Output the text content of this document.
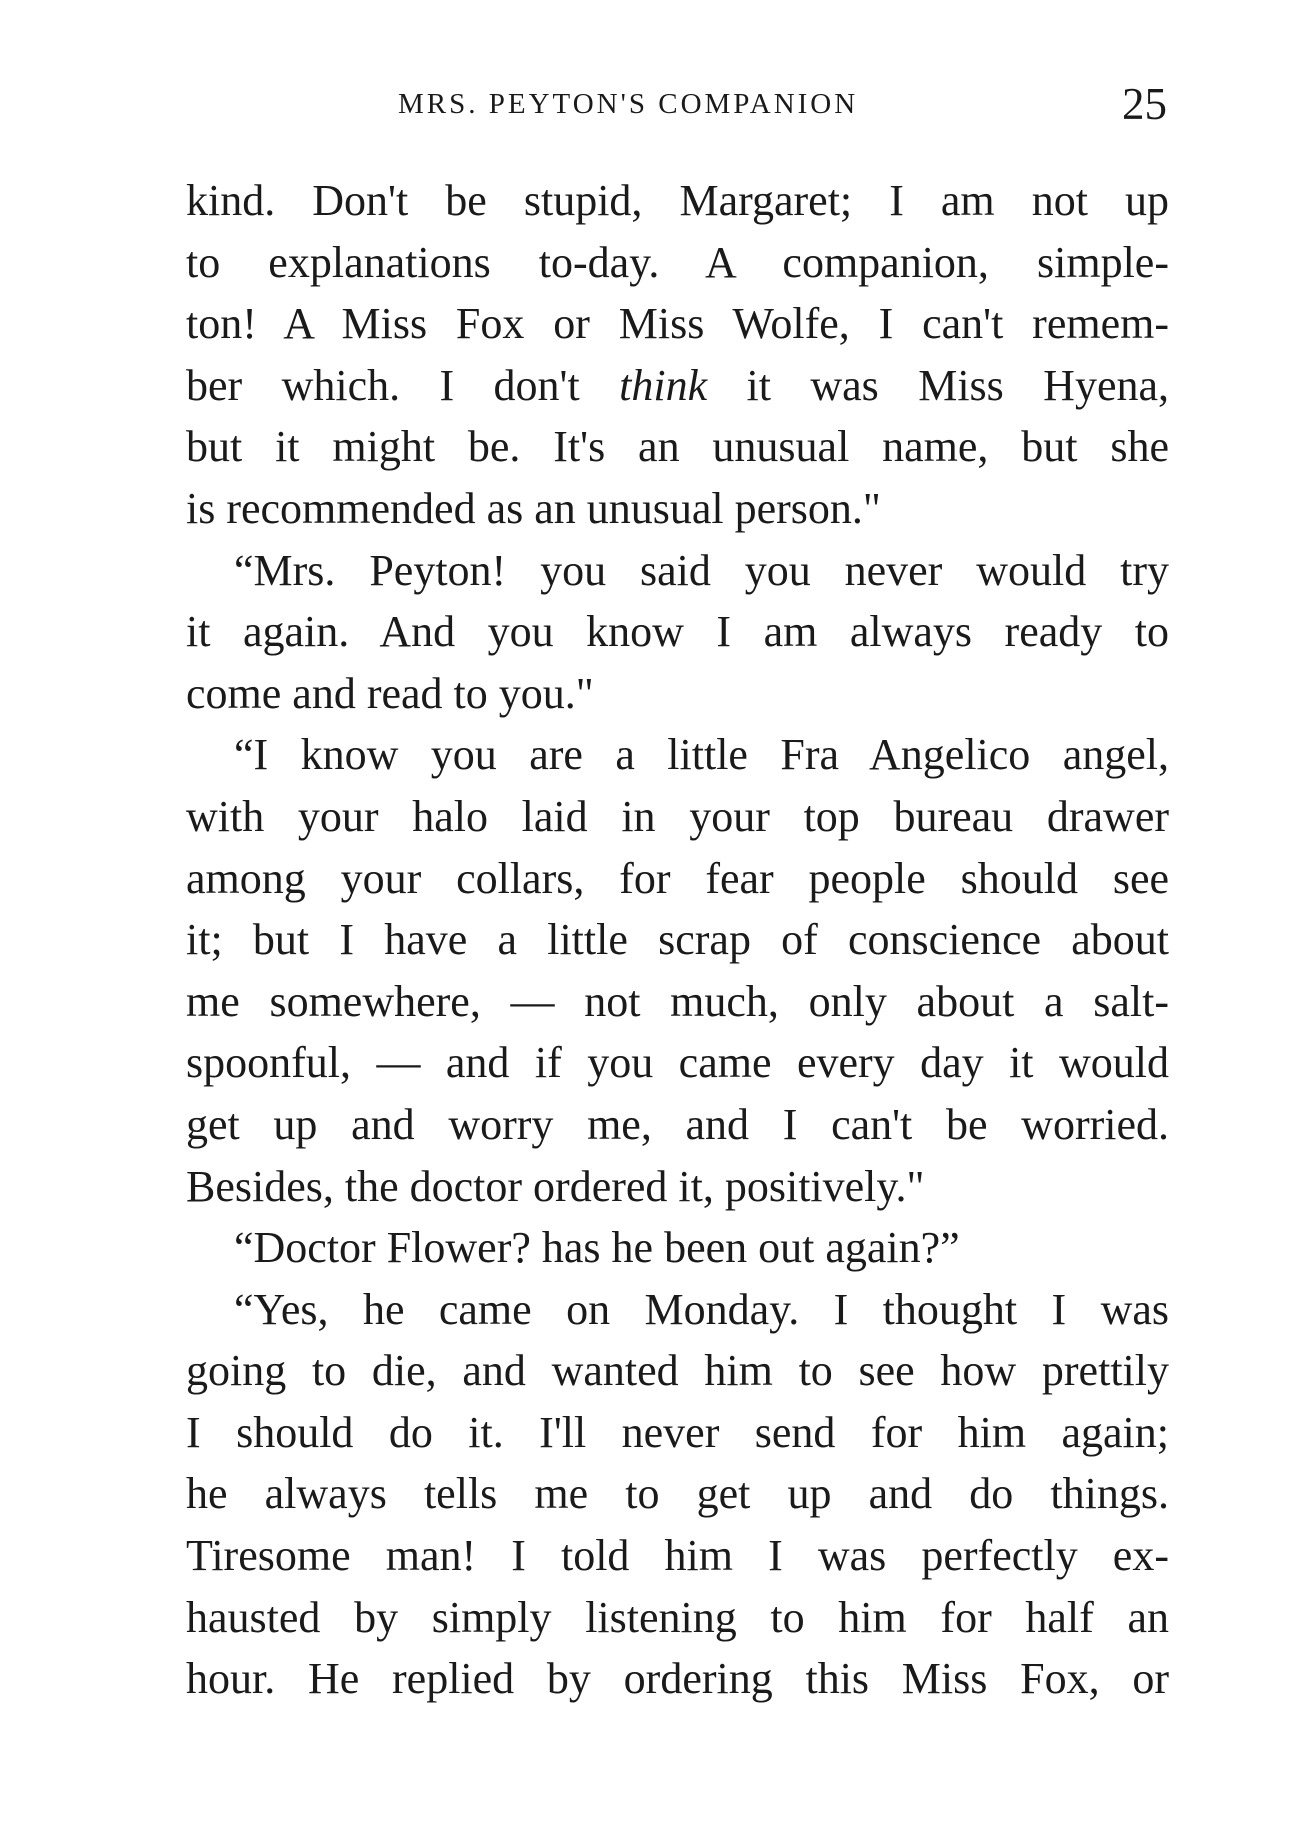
MRS. PEYTON'S COMPANION	25
kind. Don't be stupid, Margaret; I am not up
to explanations to-day. A companion, simple-
ton! A Miss Fox or Miss Wolfe, I can't remem-
ber which. I don't think it was Miss Hyena,
but it might be. It's an unusual name, but she
is recommended as an unusual person."
“Mrs. Peyton! you said you never would try
it again. And you know I am always ready to
come and read to you."
“I know you are a little Fra Angelico angel,
with your halo laid in your top bureau drawer
among your collars, for fear people should see
it; but I have a little scrap of conscience about
me somewhere, — not much, only about a salt-
spoonful, — and if you came every day it would
get up and worry me, and I can't be worried.
Besides, the doctor ordered it, positively."
“Doctor Flower? has he been out again?”
“Yes, he came on Monday. I thought I was
going to die, and wanted him to see how prettily
I should do it. I'll never send for him again;
he always tells me to get up and do things.
Tiresome man! I told him I was perfectly ex-
hausted by simply listening to him for half an
hour. He replied by ordering this Miss Fox, or
